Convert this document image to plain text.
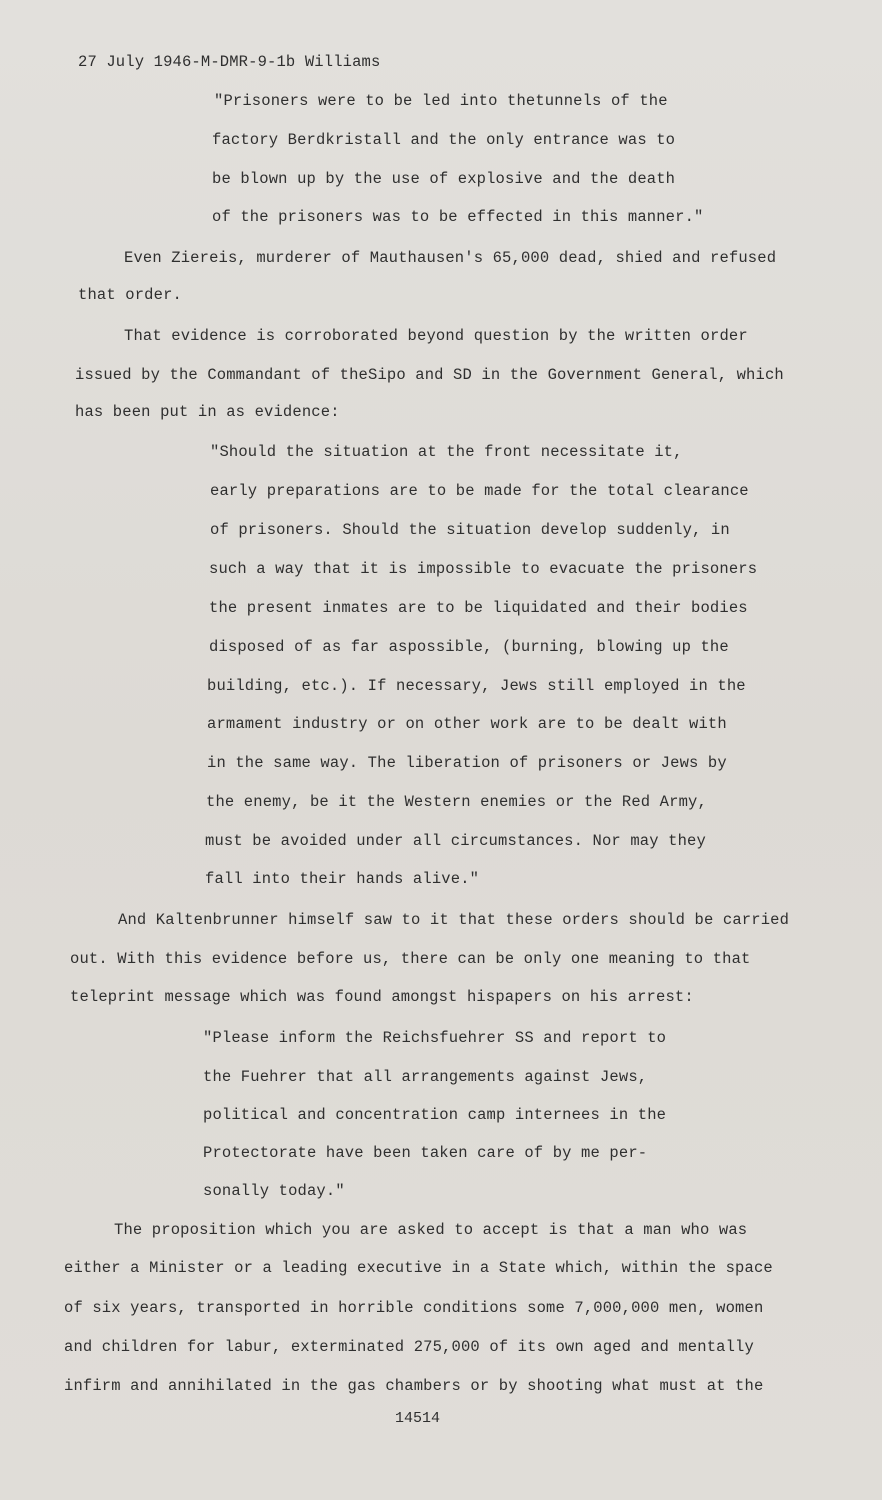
27 July 1946-M-DMR-9-1b Williams
"Prisoners were to be led into thetunnels of the
factory Berdkristall and the only entrance was to
be blown up by the use of explosive and the death
of the prisoners was to be effected in this manner."
Even Ziereis, murderer of Mauthausen's 65,000 dead, shied and refused
that order.
That evidence is corroborated beyond question by the written order
issued by the Commandant of theSipo and SD in the Government General, which
has been put in as evidence:
"Should the situation at the front necessitate it,
early preparations are to be made for the total clearance
of prisoners. Should the situation develop suddenly, in
such a way that it is impossible to evacuate the prisoners
the present inmates are to be liquidated and their bodies
disposed of as far aspossible, (burning, blowing up the
building, etc.). If necessary, Jews still employed in the
armament industry or on other work are to be dealt with
in the same way. The liberation of prisoners or Jews by
the enemy, be it the Western enemies or the Red Army,
must be avoided under all circumstances. Nor may they
fall into their hands alive."
And Kaltenbrunner himself saw to it that these orders should be carried
out. With this evidence before us, there can be only one meaning to that
teleprint message which was found amongst hispapers on his arrest:
"Please inform the Reichsfuehrer SS and report to
the Fuehrer that all arrangements against Jews,
political and concentration camp internees in the
Protectorate have been taken care of by me per-
sonally today."
The proposition which you are asked to accept is that a man who was
either a Minister or a leading executive in a State which, within the space
of six years, transported in horrible conditions some 7,000,000 men, women
and children for labur, exterminated 275,000 of its own aged and mentally
infirm and annihilated in the gas chambers or by shooting what must at the
14514
